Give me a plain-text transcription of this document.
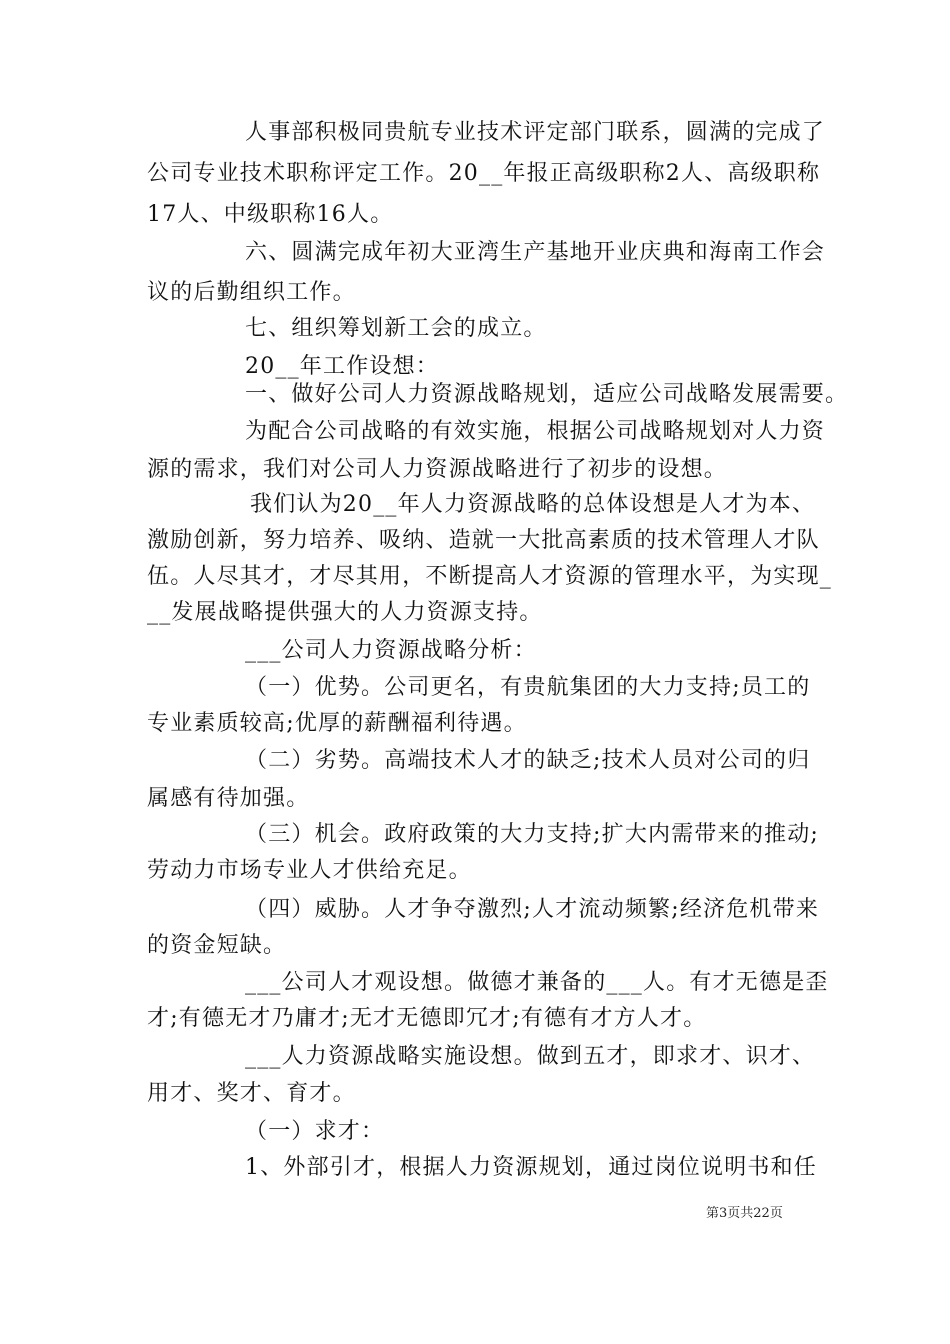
人事部积极同贵航专业技术评定部门联系，圆满的完成了
公司专业技术职称评定工作。20__年报正高级职称2人、高级职称
17人、中级职称16人。
六、圆满完成年初大亚湾生产基地开业庆典和海南工作会
议的后勤组织工作。
七、组织筹划新工会的成立。
20__年工作设想：
一、做好公司人力资源战略规划，适应公司战略发展需要。
为配合公司战略的有效实施，根据公司战略规划对人力资
源的需求，我们对公司人力资源战略进行了初步的设想。
我们认为20__年人力资源战略的总体设想是人才为本、
激励创新，努力培养、吸纳、造就一大批高素质的技术管理人才队
伍。人尽其才，才尽其用，不断提高人才资源的管理水平，为实现_
__发展战略提供强大的人力资源支持。
___公司人力资源战略分析：
（一）优势。公司更名，有贵航集团的大力支持;员工的
专业素质较高;优厚的薪酬福利待遇。
（二）劣势。高端技术人才的缺乏;技术人员对公司的归
属感有待加强。
（三）机会。政府政策的大力支持;扩大内需带来的推动;
劳动力市场专业人才供给充足。
（四）威胁。人才争夺激烈;人才流动频繁;经济危机带来
的资金短缺。
___公司人才观设想。做德才兼备的___人。有才无德是歪
才;有德无才乃庸才;无才无德即冗才;有德有才方人才。
___人力资源战略实施设想。做到五才，即求才、识才、
用才、奖才、育才。
（一）求才：
1、外部引才，根据人力资源规划，通过岗位说明书和任
第3页共22页
